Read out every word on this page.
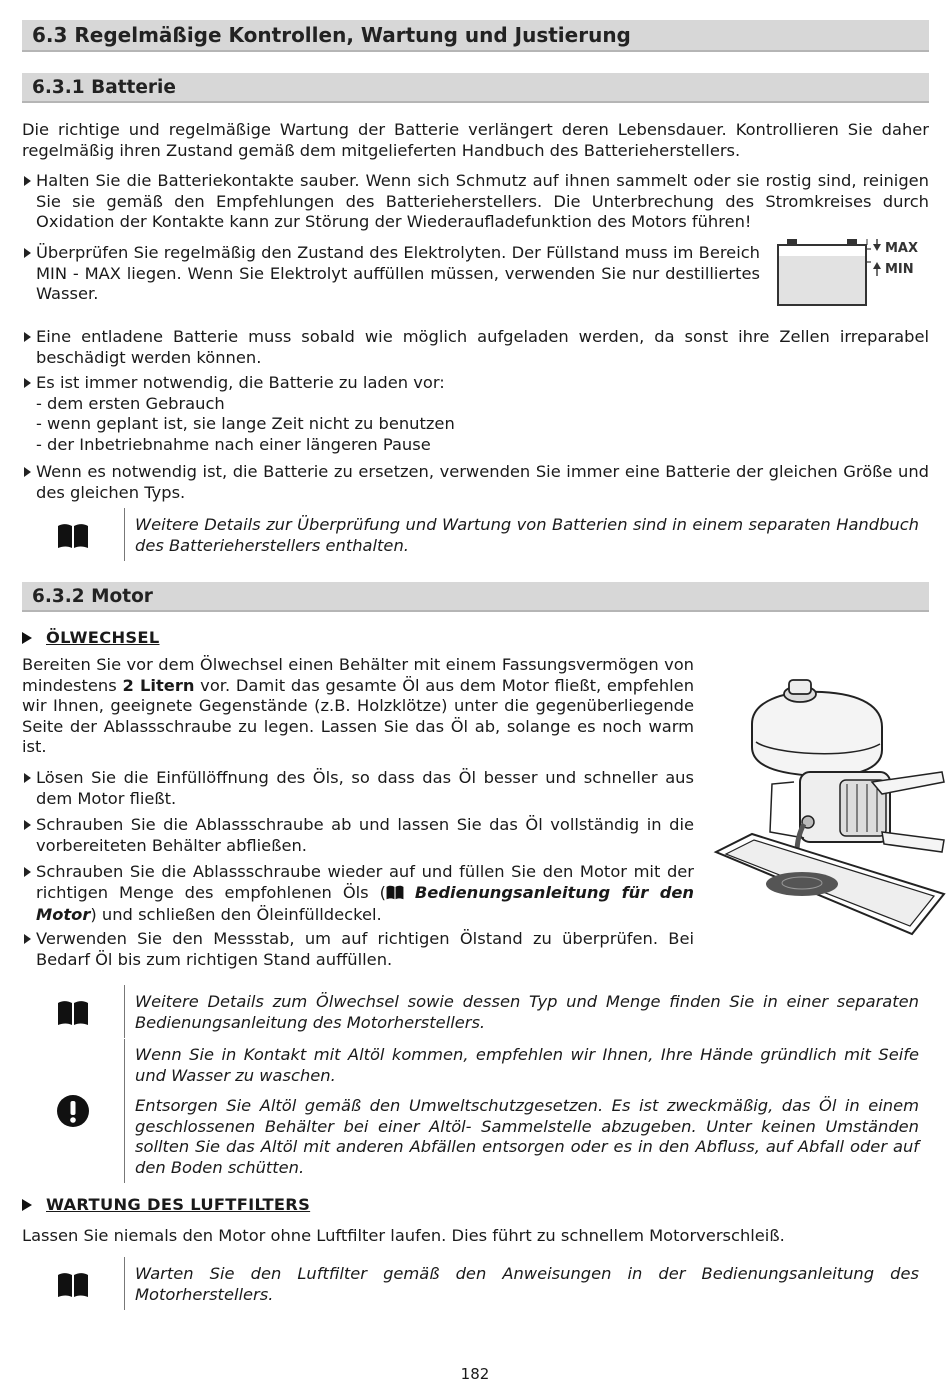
6.3 Regelmäßige Kontrollen, Wartung und Justierung
6.3.1 Batterie
Die richtige und regelmäßige Wartung der Batterie verlängert deren Lebensdauer. Kontrollieren Sie daher regelmäßig ihren Zustand gemäß dem mitgelieferten Handbuch des Batterieherstellers.
Halten Sie die Batteriekontakte sauber. Wenn sich Schmutz auf ihnen sammelt oder sie rostig sind, reinigen Sie sie gemäß den Empfehlungen des Batterieherstellers. Die Unterbrechung des Stromkreises durch Oxidation der Kontakte kann zur Störung der Wiederaufladefunktion des Motors führen!
Überprüfen Sie regelmäßig den Zustand des Elektrolyten. Der Füllstand muss im Bereich MIN - MAX liegen. Wenn Sie Elektrolyt auffüllen müssen, verwenden Sie nur destilliertes Wasser.
MAX
MIN
Eine entladene Batterie muss sobald wie möglich aufgeladen werden, da sonst ihre Zellen irreparabel beschädigt werden können.
Es ist immer notwendig, die Batterie zu laden vor:
- dem ersten Gebrauch
- wenn geplant ist, sie lange Zeit nicht zu benutzen
- der Inbetriebnahme nach einer längeren Pause
Wenn es notwendig ist, die Batterie zu ersetzen, verwenden Sie immer eine Batterie der gleichen Größe und des gleichen Typs.
Weitere Details zur Überprüfung und Wartung von Batterien sind in einem separaten Handbuch des Batterieherstellers enthalten.
6.3.2 Motor
ÖLWECHSEL
Bereiten Sie vor dem Ölwechsel einen Behälter mit einem Fassungsvermögen von mindestens 2 Litern vor. Damit das gesamte Öl aus dem Motor fließt, empfehlen wir Ihnen, geeignete Gegenstände (z.B. Holzklötze) unter die gegenüberliegende Seite der Ablassschraube zu legen. Lassen Sie das Öl ab, solange es noch warm ist.
Lösen Sie die Einfüllöffnung des Öls, so dass das Öl besser und schneller aus dem Motor fließt.
Schrauben Sie die Ablassschraube ab und lassen Sie das Öl vollständig in die vorbereiteten Behälter abfließen.
Schrauben Sie die Ablassschraube wieder auf und füllen Sie den Motor mit der richtigen Menge des empfohlenen Öls ( Bedienungsanleitung für den Motor) und schließen den Öleinfülldeckel.
Verwenden Sie den Messstab, um auf richtigen Ölstand zu überprüfen. Bei Bedarf Öl bis zum richtigen Stand auffüllen.
Weitere Details zum Ölwechsel sowie dessen Typ und Menge finden Sie in einer separaten Bedienungsanleitung des Motorherstellers.
Wenn Sie in Kontakt mit Altöl kommen, empfehlen wir Ihnen, Ihre Hände gründlich mit Seife und Wasser zu waschen.
Entsorgen Sie Altöl gemäß den Umweltschutzgesetzen. Es ist zweckmäßig, das Öl in einem geschlossenen Behälter bei einer Altöl- Sammelstelle abzugeben. Unter keinen Umständen sollten Sie das Altöl mit anderen Abfällen entsorgen oder es in den Abfluss, auf Abfall oder auf den Boden schütten.
WARTUNG DES LUFTFILTERS
Lassen Sie niemals den Motor ohne Luftfilter laufen. Dies führt zu schnellem Motorverschleiß.
Warten Sie den Luftfilter gemäß den Anweisungen in der Bedienungsanleitung des Motorherstellers.
182
